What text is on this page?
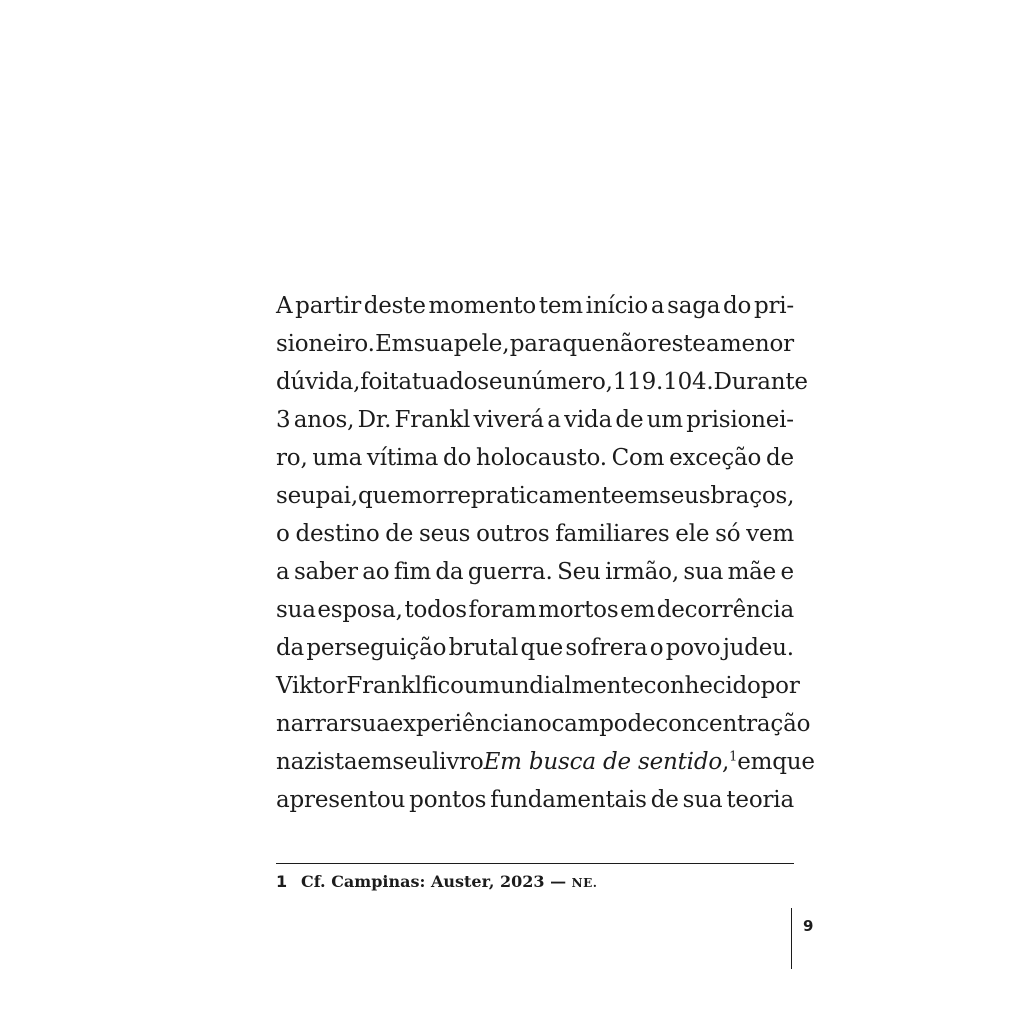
A partir deste momento tem início a saga do pri-
sioneiro. Em sua pele, para que não reste a menor
dúvida, foi tatuado seu número, 119.104. Durante
3 anos, Dr. Frankl viverá a vida de um prisionei-
ro, uma vítima do holocausto. Com exceção de
seu pai, que morre praticamente em seus braços,
o destino de seus outros familiares ele só vem
a saber ao fim da guerra. Seu irmão, sua mãe e
sua esposa, todos foram mortos em decorrência
da perseguição brutal que sofrera o povo judeu.
Viktor Frankl ficou mundialmente conhecido por
narrar sua experiência no campo de concentração
nazista em seu livro Em busca de sentido,$^1$ em que
apresentou pontos fundamentais de sua teoria
1 Cf. Campinas: Auster, 2023 — NE.
9
